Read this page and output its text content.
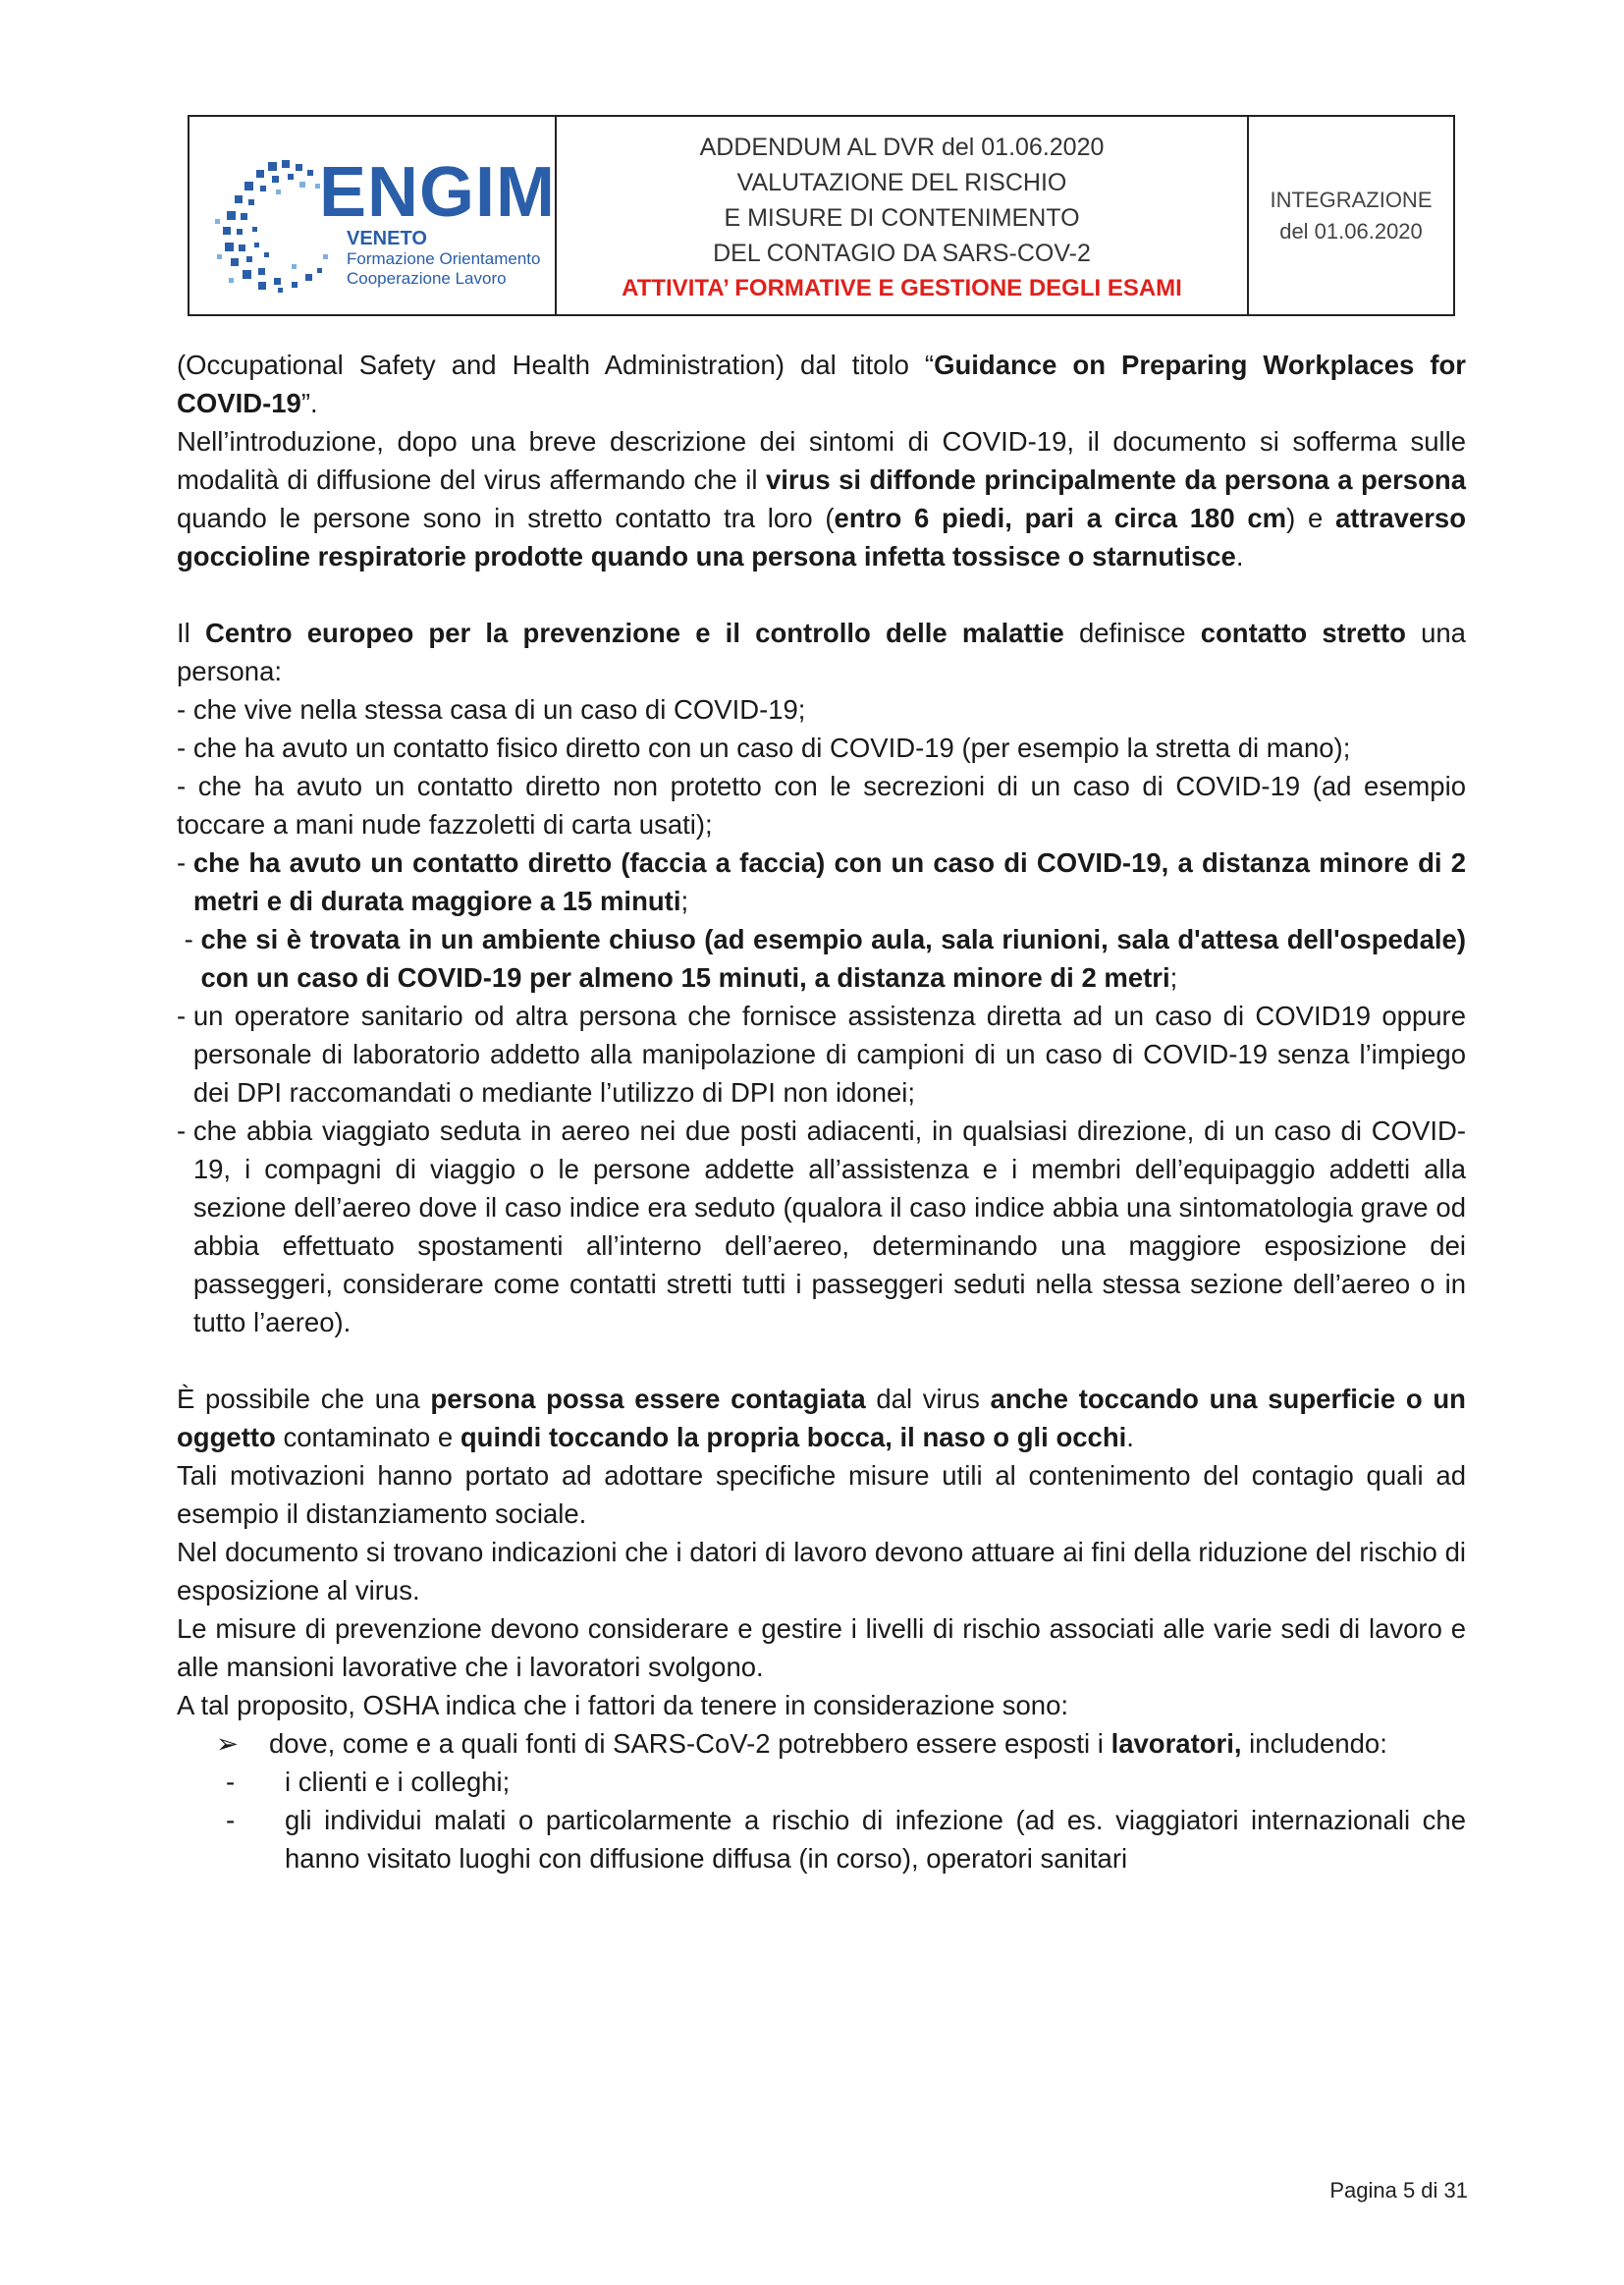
ENGIM
VENETO
Formazione Orientamento
Cooperazione Lavoro
ADDENDUM AL DVR del 01.06.2020
VALUTAZIONE DEL RISCHIO
E MISURE DI CONTENIMENTO
DEL CONTAGIO DA SARS-COV-2
ATTIVITA’ FORMATIVE E GESTIONE DEGLI ESAMI
INTEGRAZIONE
del 01.06.2020

(Occupational Safety and Health Administration) dal titolo “Guidance on Preparing Workplaces for COVID-19”.

Nell’introduzione, dopo una breve descrizione dei sintomi di COVID-19, il documento si sofferma sulle modalità di diffusione del virus affermando che il virus si diffonde principalmente da persona a persona quando le persone sono in stretto contatto tra loro (entro 6 piedi, pari a circa 180 cm) e attraverso goccioline respiratorie prodotte quando una persona infetta tossisce o starnutisce.

Il Centro europeo per la prevenzione e il controllo delle malattie definisce contatto stretto una persona:

- che vive nella stessa casa di un caso di COVID-19;
- che ha avuto un contatto fisico diretto con un caso di COVID-19 (per esempio la stretta di mano);

- che ha avuto un contatto diretto non protetto con le secrezioni di un caso di COVID-19 (ad esempio toccare a mani nude fazzoletti di carta usati);

- che ha avuto un contatto diretto (faccia a faccia) con un caso di COVID-19, a distanza minore di 2 metri e di durata maggiore a 15 minuti;
- che si è trovata in un ambiente chiuso (ad esempio aula, sala riunioni, sala d'attesa dell'ospedale) con un caso di COVID-19 per almeno 15 minuti, a distanza minore di 2 metri;
- un operatore sanitario od altra persona che fornisce assistenza diretta ad un caso di COVID19 oppure personale di laboratorio addetto alla manipolazione di campioni di un caso di COVID-19 senza l’impiego dei DPI raccomandati o mediante l’utilizzo di DPI non idonei;
- che abbia viaggiato seduta in aereo nei due posti adiacenti, in qualsiasi direzione, di un caso di COVID-19, i compagni di viaggio o le persone addette all’assistenza e i membri dell’equipaggio addetti alla sezione dell’aereo dove il caso indice era seduto (qualora il caso indice abbia una sintomatologia grave od abbia effettuato spostamenti all’interno dell’aereo, determinando una maggiore esposizione dei passeggeri, considerare come contatti stretti tutti i passeggeri seduti nella stessa sezione dell’aereo o in tutto l’aereo).

È possibile che una persona possa essere contagiata dal virus anche toccando una superficie o un oggetto contaminato e quindi toccando la propria bocca, il naso o gli occhi.

Tali motivazioni hanno portato ad adottare specifiche misure utili al contenimento del contagio quali ad esempio il distanziamento sociale.

Nel documento si trovano indicazioni che i datori di lavoro devono attuare ai fini della riduzione del rischio di esposizione al virus.

Le misure di prevenzione devono considerare e gestire i livelli di rischio associati alle varie sedi di lavoro e alle mansioni lavorative che i lavoratori svolgono.

A tal proposito, OSHA indica che i fattori da tenere in considerazione sono:

➢	dove, come e a quali fonti di SARS-CoV-2 potrebbero essere esposti i lavoratori, includendo:
-	i clienti e i colleghi;
-	gli individui malati o particolarmente a rischio di infezione (ad es. viaggiatori internazionali che hanno visitato luoghi con diffusione diffusa (in corso), operatori sanitari
Pagina 5 di 31
